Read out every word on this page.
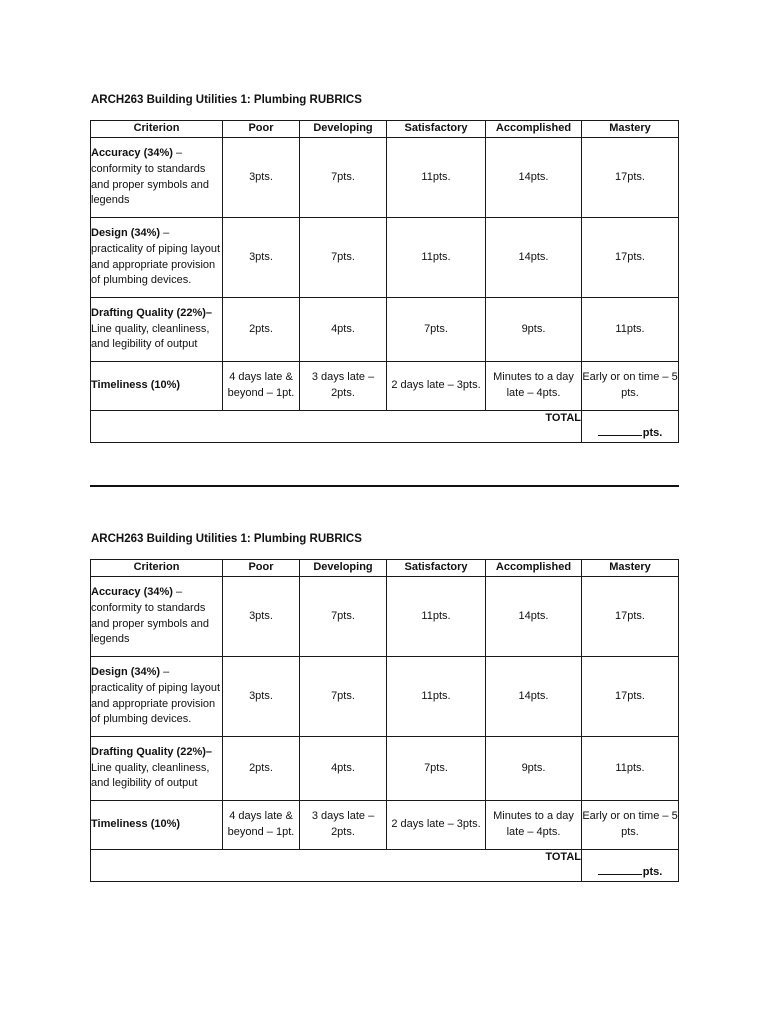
ARCH263 Building Utilities 1: Plumbing RUBRICS
Criterion	Poor	Developing	Satisfactory	Accomplished	Mastery
Accuracy (34%) – conformity to standards and proper symbols and legends	3pts.	7pts.	11pts.	14pts.	17pts.
Design (34%) – practicality of piping layout and appropriate provision of plumbing devices.	3pts.	7pts.	11pts.	14pts.	17pts.
Drafting Quality (22%)– Line quality, cleanliness, and legibility of output	2pts.	4pts.	7pts.	9pts.	11pts.
Timeliness (10%)	4 days late & beyond – 1pt.	3 days late – 2pts.	2 days late – 3pts.	Minutes to a day late – 4pts.	Early or on time – 5 pts.
TOTAL					pts.
ARCH263 Building Utilities 1: Plumbing RUBRICS
Criterion	Poor	Developing	Satisfactory	Accomplished	Mastery
Accuracy (34%) – conformity to standards and proper symbols and legends	3pts.	7pts.	11pts.	14pts.	17pts.
Design (34%) – practicality of piping layout and appropriate provision of plumbing devices.	3pts.	7pts.	11pts.	14pts.	17pts.
Drafting Quality (22%)– Line quality, cleanliness, and legibility of output	2pts.	4pts.	7pts.	9pts.	11pts.
Timeliness (10%)	4 days late & beyond – 1pt.	3 days late – 2pts.	2 days late – 3pts.	Minutes to a day late – 4pts.	Early or on time – 5 pts.
TOTAL					pts.
